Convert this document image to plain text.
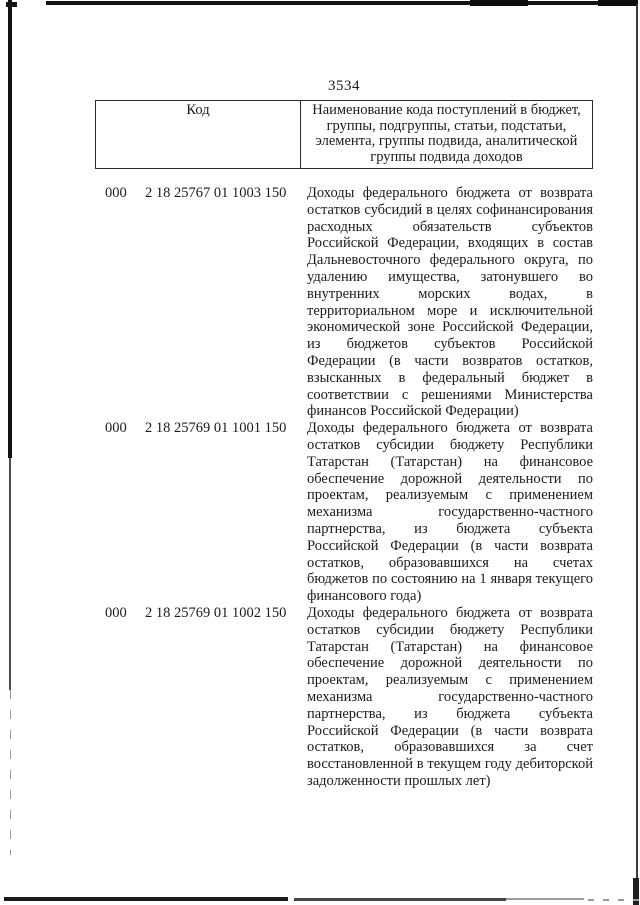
3534
Код	Наименование кода поступлений в бюджет, группы, подгруппы, статьи, подстатьи, элемента, группы подвида, аналитической группы подвида доходов
000	2 18 25767 01 1003 150	Доходы федерального бюджета от возврата остатков субсидий в целях софинансирования расходных обязательств субъектов Российской Федерации, входящих в состав Дальневосточного федерального округа, по удалению имущества, затонувшего во внутренних морских водах, в территориальном море и исключительной экономической зоне Российской Федерации, из бюджетов субъектов Российской Федерации (в части возвратов остатков, взысканных в федеральный бюджет в соответствии с решениями Министерства финансов Российской Федерации)
000	2 18 25769 01 1001 150	Доходы федерального бюджета от возврата остатков субсидии бюджету Республики Татарстан (Татарстан) на финансовое обеспечение дорожной деятельности по проектам, реализуемым с применением механизма государственно-частного партнерства, из бюджета субъекта Российской Федерации (в части возврата остатков, образовавшихся на счетах бюджетов по состоянию на 1 января текущего финансового года)
000	2 18 25769 01 1002 150	Доходы федерального бюджета от возврата остатков субсидии бюджету Республики Татарстан (Татарстан) на финансовое обеспечение дорожной деятельности по проектам, реализуемым с применением механизма государственно-частного партнерства, из бюджета субъекта Российской Федерации (в части возврата остатков, образовавшихся за счет восстановленной в текущем году дебиторской задолженности прошлых лет)
